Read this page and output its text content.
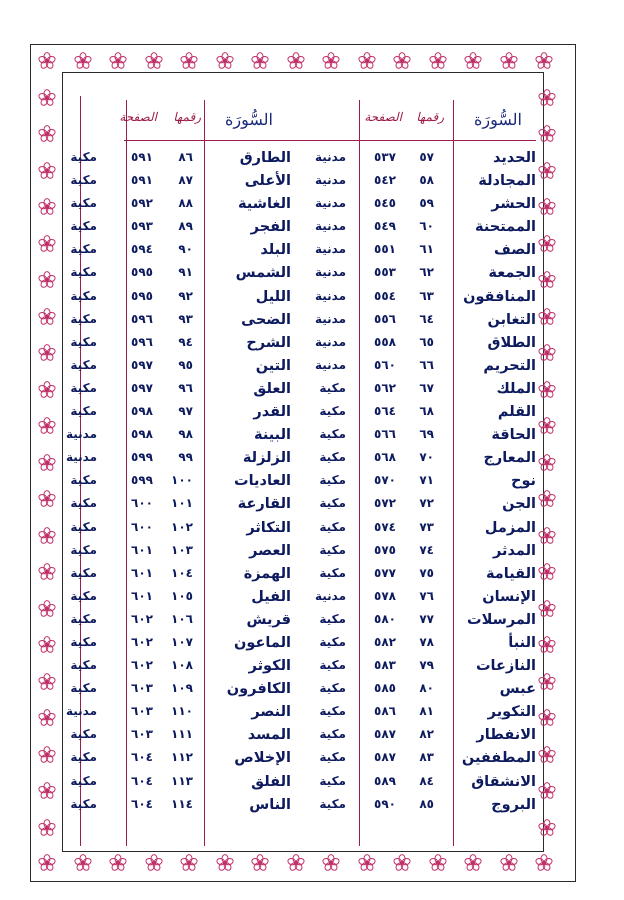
السُّورَة
رقمها
الصفحة
الحديد
٥٧
٥٣٧
مدنية
المجادلة
٥٨
٥٤٢
مدنية
الحشر
٥٩
٥٤٥
مدنية
الممتحنة
٦٠
٥٤٩
مدنية
الصف
٦١
٥٥١
مدنية
الجمعة
٦٢
٥٥٣
مدنية
المنافقون
٦٣
٥٥٤
مدنية
التغابن
٦٤
٥٥٦
مدنية
الطلاق
٦٥
٥٥٨
مدنية
التحريم
٦٦
٥٦٠
مدنية
الملك
٦٧
٥٦٢
مكية
القلم
٦٨
٥٦٤
مكية
الحاقة
٦٩
٥٦٦
مكية
المعارج
٧٠
٥٦٨
مكية
نوح
٧١
٥٧٠
مكية
الجن
٧٢
٥٧٢
مكية
المزمل
٧٣
٥٧٤
مكية
المدثر
٧٤
٥٧٥
مكية
القيامة
٧٥
٥٧٧
مكية
الإنسان
٧٦
٥٧٨
مدنية
المرسلات
٧٧
٥٨٠
مكية
النبأ
٧٨
٥٨٢
مكية
النازعات
٧٩
٥٨٣
مكية
عبس
٨٠
٥٨٥
مكية
التكوير
٨١
٥٨٦
مكية
الانفطار
٨٢
٥٨٧
مكية
المطففين
٨٣
٥٨٧
مكية
الانشقاق
٨٤
٥٨٩
مكية
البروج
٨٥
٥٩٠
مكية
السُّورَة
رقمها
الصفحة
الطارق
٨٦
٥٩١
مكية
الأعلى
٨٧
٥٩١
مكية
الغاشية
٨٨
٥٩٢
مكية
الفجر
٨٩
٥٩٣
مكية
البلد
٩٠
٥٩٤
مكية
الشمس
٩١
٥٩٥
مكية
الليل
٩٢
٥٩٥
مكية
الضحى
٩٣
٥٩٦
مكية
الشرح
٩٤
٥٩٦
مكية
التين
٩٥
٥٩٧
مكية
العلق
٩٦
٥٩٧
مكية
القدر
٩٧
٥٩٨
مكية
البينة
٩٨
٥٩٨
مدنية
الزلزلة
٩٩
٥٩٩
مدنية
العاديات
١٠٠
٥٩٩
مكية
القارعة
١٠١
٦٠٠
مكية
التكاثر
١٠٢
٦٠٠
مكية
العصر
١٠٣
٦٠١
مكية
الهمزة
١٠٤
٦٠١
مكية
الفيل
١٠٥
٦٠١
مكية
قريش
١٠٦
٦٠٢
مكية
الماعون
١٠٧
٦٠٢
مكية
الكوثر
١٠٨
٦٠٢
مكية
الكافرون
١٠٩
٦٠٣
مكية
النصر
١١٠
٦٠٣
مدنية
المسد
١١١
٦٠٣
مكية
الإخلاص
١١٢
٦٠٤
مكية
الفلق
١١٣
٦٠٤
مكية
الناس
١١٤
٦٠٤
مكية
